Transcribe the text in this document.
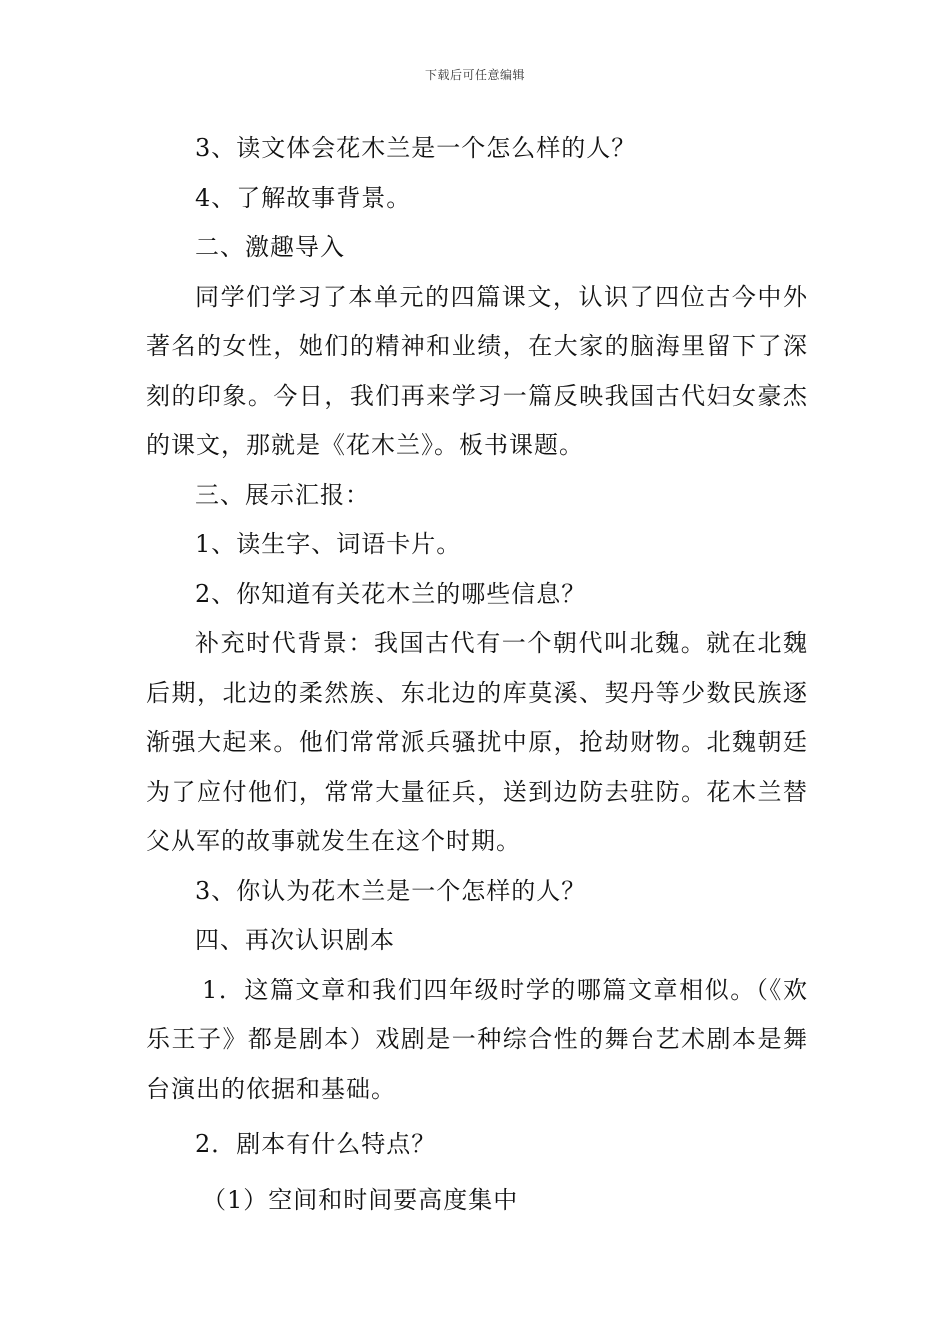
下载后可任意编辑

3、读文体会花木兰是一个怎么样的人？

4、了解故事背景。

二、激趣导入

同学们学习了本单元的四篇课文，认识了四位古今中外著名的女性，她们的精神和业绩，在大家的脑海里留下了深刻的印象。今日，我们再来学习一篇反映我国古代妇女豪杰的课文，那就是《花木兰》。板书课题。

三、展示汇报：

1、读生字、词语卡片。

2、你知道有关花木兰的哪些信息？

补充时代背景：我国古代有一个朝代叫北魏。就在北魏后期，北边的柔然族、东北边的库莫溪、契丹等少数民族逐渐强大起来。他们常常派兵骚扰中原，抢劫财物。北魏朝廷为了应付他们，常常大量征兵，送到边防去驻防。花木兰替父从军的故事就发生在这个时期。

3、你认为花木兰是一个怎样的人？

四、再次认识剧本

1．这篇文章和我们四年级时学的哪篇文章相似。（《欢乐王子》都是剧本）戏剧是一种综合性的舞台艺术剧本是舞台演出的依据和基础。

2．剧本有什么特点？

（1）空间和时间要高度集中
